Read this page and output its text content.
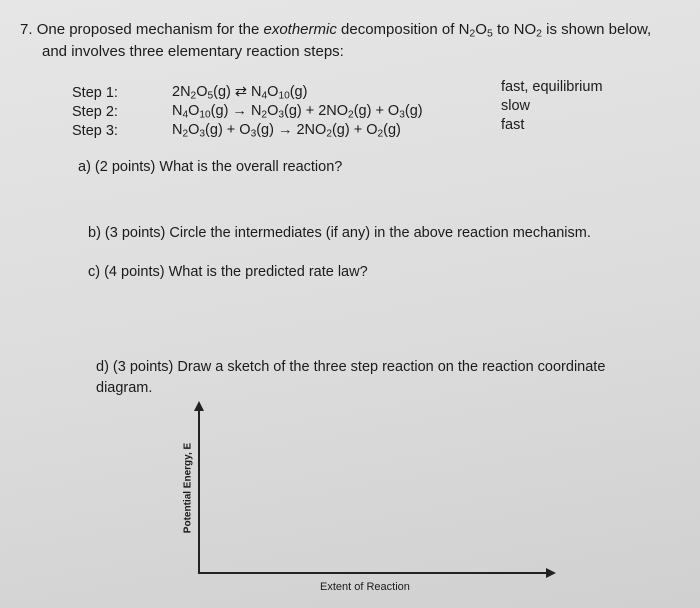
7. One proposed mechanism for the exothermic decomposition of $N_2O_5$ to $NO_2$ is shown below,
and involves three elementary reaction steps:
Step 1:	$2N_2O_5(g)$ ⇄ $N_4O_{10}(g)$	fast, equilibrium
Step 2:	$N_4O_{10}(g) \to N_2O_3(g) + 2NO_2(g) + O_3(g)$	slow
Step 3:	$N_2O_3(g) + O_3(g) \to 2NO_2(g) + O_2(g)$	fast
a) (2 points) What is the overall reaction?
b) (3 points) Circle the intermediates (if any) in the above reaction mechanism.
c) (4 points) What is the predicted rate law?
d) (3 points) Draw a sketch of the three step reaction on the reaction coordinate
diagram.
Potential Energy, E
Extent of Reaction
